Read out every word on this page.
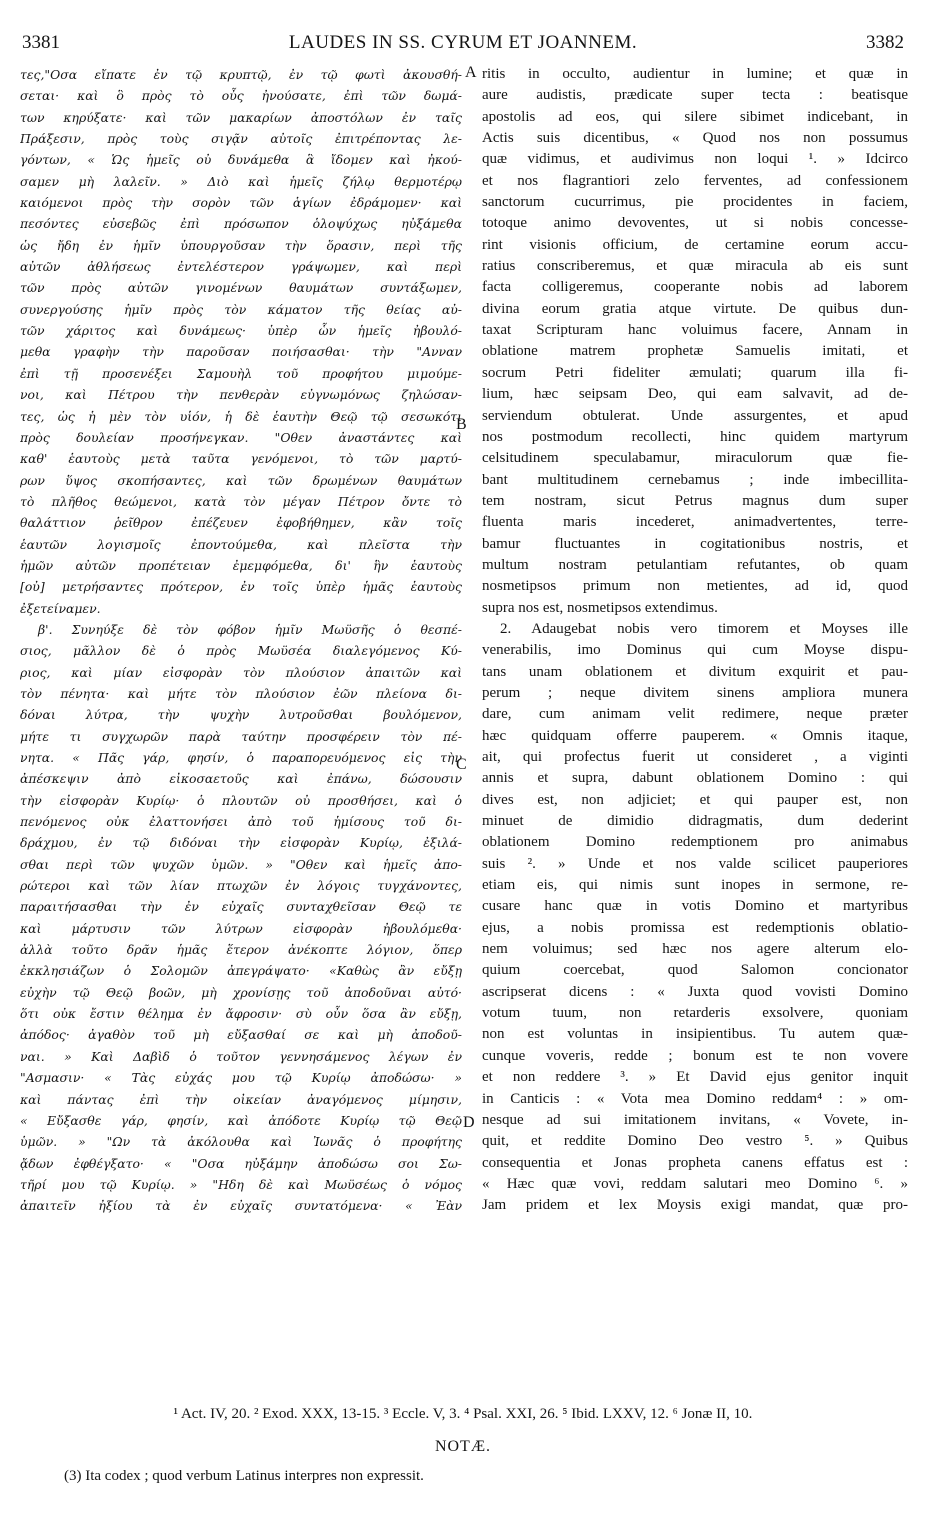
3381	LAUDES IN SS. CYRUM ET JOANNEM.	3382
τες,"Οσα εἴπατε ἐν τῷ κρυπτῷ, ἐν τῷ φωτὶ ἀκουσθή-
σεται· καὶ ὃ πρὸς τὸ οὖς ἠνούσατε, ἐπὶ τῶν δωμά-
των κηρύξατε· καὶ τῶν μακαρίων ἀποστόλων ἐν ταῖς
Πράξεσιν, πρὸς τοὺς σιγᾷν αὐτοῖς ἐπιτρέποντας λε-
γόντων, « Ὡς ἡμεῖς οὐ δυνάμεθα ἃ ἴδομεν καὶ ἠκού-
σαμεν μὴ λαλεῖν. » Διὸ καὶ ἡμεῖς ζήλῳ θερμοτέρῳ
καιόμενοι πρὸς τὴν σορὸν τῶν ἁγίων ἐδράμομεν· καὶ
πεσόντες εὐσεβῶς ἐπὶ πρόσωπον ὁλοψύχως ηὐξάμεθα
ὡς ἤδη ἐν ἡμῖν ὑπουργοῦσαν τὴν ὅρασιν, περὶ τῆς
αὐτῶν ἀθλήσεως ἐντελέστερον γράψωμεν, καὶ περὶ
τῶν πρὸς αὐτῶν γινομένων θαυμάτων συντάξωμεν,
συνεργούσης ἡμῖν πρὸς τὸν κάματον τῆς θείας αὐ-
τῶν χάριτος καὶ δυνάμεως· ὑπὲρ ὧν ἡμεῖς ἠβουλό-
μεθα γραφὴν τὴν παροῦσαν ποιήσασθαι· τὴν "Ανναν
ἐπὶ τῇ προσενέξει Σαμουὴλ τοῦ προφήτου μιμούμε-
νοι, καὶ Πέτρου τὴν πενθερὰν εὐγνωμόνως ζηλώσαν-
τες, ὡς ἡ μὲν τὸν υἱόν, ἡ δὲ ἑαυτὴν Θεῷ τῷ σεσωκότι
πρὸς δουλείαν προσήνεγκαν. "Οθεν ἀναστάντες καὶ
καθ' ἑαυτοὺς μετὰ ταῦτα γενόμενοι, τὸ τῶν μαρτύ-
ρων ὕψος σκοπήσαντες, καὶ τῶν δρωμένων θαυμάτων
τὸ πλῆθος θεώμενοι, κατὰ τὸν μέγαν Πέτρον ὄντε τὸ
θαλάττιον ῥεῖθρον ἐπέζευεν ἐφοβήθημεν, κἂν τοῖς
ἑαυτῶν λογισμοῖς ἐποντούμεθα, καὶ πλεῖστα τὴν
ἡμῶν αὐτῶν προπέτειαν ἐμεμφόμεθα, δι' ἣν ἑαυτοὺς
[οὐ] μετρήσαντες πρότερον, ἐν τοῖς ὑπὲρ ἡμᾶς ἑαυτοὺς
ἐξετείναμεν.
β'. Συνηύξε δὲ τὸν φόβον ἡμῖν Μωϋσῆς ὁ θεσπέ-
σιος, μᾶλλον δὲ ὁ πρὸς Μωϋσέα διαλεγόμενος Κύ-
ριος, καὶ μίαν εἰσφορὰν τὸν πλούσιον ἀπαιτῶν καὶ
τὸν πένητα· καὶ μήτε τὸν πλούσιον ἐῶν πλείονα δι-
δόναι λύτρα, τὴν ψυχὴν λυτροῦσθαι βουλόμενον,
μήτε τι συγχωρῶν παρὰ ταύτην προσφέρειν τὸν πέ-
νητα. « Πᾶς γάρ, φησίν, ὁ παραπορευόμενος εἰς τὴν
ἀπέσκεψιν ἀπὸ εἰκοσαετοῦς καὶ ἐπάνω, δώσουσιν
τὴν εἰσφορὰν Κυρίῳ· ὁ πλουτῶν οὐ προσθήσει, καὶ ὁ
πενόμενος οὐκ ἐλαττονήσει ἀπὸ τοῦ ἡμίσους τοῦ δι-
δράχμου, ἐν τῷ διδόναι τὴν εἰσφορὰν Κυρίῳ, ἐξιλά-
σθαι περὶ τῶν ψυχῶν ὑμῶν. » "Οθεν καὶ ἡμεῖς ἀπο-
ρώτεροι καὶ τῶν λίαν πτωχῶν ἐν λόγοις τυγχάνοντες,
παραιτήσασθαι τὴν ἐν εὐχαῖς συνταχθεῖσαν Θεῷ τε
καὶ μάρτυσιν τῶν λύτρων εἰσφορὰν ἠβουλόμεθα·
ἀλλὰ τοῦτο δρᾶν ἡμᾶς ἕτερον ἀνέκοπτε λόγιον, ὅπερ
ἐκκλησιάζων ὁ Σολομῶν ἀπεγράψατο· «Καθὼς ἂν εὔξῃ
εὐχὴν τῷ Θεῷ βοῶν, μὴ χρονίσῃς τοῦ ἀποδοῦναι αὐτό·
ὅτι οὐκ ἔστιν θέλημα ἐν ἄφροσιν· σὺ οὖν ὅσα ἂν εὔξῃ,
ἀπόδος· ἀγαθὸν τοῦ μὴ εὔξασθαί σε καὶ μὴ ἀποδοῦ-
ναι. » Καὶ Δαβὶδ ὁ τοῦτον γεννησάμενος λέγων ἐν
"Ασμασιν· « Τὰς εὐχάς μου τῷ Κυρίῳ ἀποδώσω· »
καὶ πάντας ἐπὶ τὴν οἰκείαν ἀναγόμενος μίμησιν,
« Εὔξασθε γάρ, φησίν, καὶ ἀπόδοτε Κυρίῳ τῷ Θεῷ
ὑμῶν. » "Ων τὰ ἀκόλουθα καὶ Ἰωνᾶς ὁ προφήτης
ᾄδων ἐφθέγξατο· « "Οσα ηὐξάμην ἀποδώσω σοι Σω-
τῆρί μου τῷ Κυρίῳ. » "Ηδη δὲ καὶ Μωϋσέως ὁ νόμος
ἀπαιτεῖν ἠξίου τὰ ἐν εὐχαῖς συντατόμενα· « Ἐὰν
A
B
C
D
ritis in occulto, audientur in lumine; et quæ in
aure audistis, prædicate super tecta : beatisque
apostolis ad eos, qui silere sibimet indicebant, in
Actis suis dicentibus, « Quod nos non possumus
quæ vidimus, et audivimus non loqui ¹. » Idcirco
et nos flagrantiori zelo ferventes, ad confessionem
sanctorum cucurrimus, pie procidentes in faciem,
totoque animo devoventes, ut si nobis concesse-
rint visionis officium, de certamine eorum accu-
ratius conscriberemus, et quæ miracula ab eis sunt
facta colligeremus, cooperante nobis ad laborem
divina eorum gratia atque virtute. De quibus dun-
taxat Scripturam hanc voluimus facere, Annam in
oblatione matrem prophetæ Samuelis imitati, et
socrum Petri fideliter æmulati; quarum illa fi-
lium, hæc seipsam Deo, qui eam salvavit, ad de-
serviendum obtulerat. Unde assurgentes, et apud
nos postmodum recollecti, hinc quidem martyrum
celsitudinem speculabamur, miraculorum quæ fie-
bant multitudinem cernebamus ; inde imbecillita-
tem nostram, sicut Petrus magnus dum super
fluenta maris incederet, animadvertentes, terre-
bamur fluctuantes in cogitationibus nostris, et
multum nostram petulantiam refutantes, ob quam
nosmetipsos primum non metientes, ad id, quod
supra nos est, nosmetipsos extendimus.
2. Adaugebat nobis vero timorem et Moyses ille
venerabilis, imo Dominus qui cum Moyse dispu-
tans unam oblationem et divitum exquirit et pau-
perum ; neque divitem sinens ampliora munera
dare, cum animam velit redimere, neque præter
hæc quidquam offerre pauperem. « Omnis itaque,
ait, qui profectus fuerit ut consideret , a viginti
annis et supra, dabunt oblationem Domino : qui
dives est, non adjiciet; et qui pauper est, non
minuet de dimidio didragmatis, dum dederint
oblationem Domino redemptionem pro animabus
suis ². » Unde et nos valde scilicet pauperiores
etiam eis, qui nimis sunt inopes in sermone, re-
cusare hanc quæ in votis Domino et martyribus
ejus, a nobis promissa est redemptionis oblatio-
nem voluimus; sed hæc nos agere alterum elo-
quium coercebat, quod Salomon concionator
ascripserat dicens : « Juxta quod vovisti Domino
votum tuum, non retarderis exsolvere, quoniam
non est voluntas in insipientibus. Tu autem quæ-
cunque voveris, redde ; bonum est te non vovere
et non reddere ³. » Et David ejus genitor inquit
in Canticis : « Vota mea Domino reddam⁴ : » om-
nesque ad sui imitationem invitans, « Vovete, in-
quit, et reddite Domino Deo vestro ⁵. » Quibus
consequentia et Jonas propheta canens effatus est :
« Hæc quæ vovi, reddam salutari meo Domino ⁶. »
Jam pridem et lex Moysis exigi mandat, quæ pro-
¹ Act. IV, 20. ² Exod. XXX, 13-15. ³ Eccle. V, 3. ⁴ Psal. XXI, 26. ⁵ Ibid. LXXV, 12. ⁶ Jonæ II, 10.
NOTÆ.
(3) Ita codex ; quod verbum Latinus interpres non expressit.
